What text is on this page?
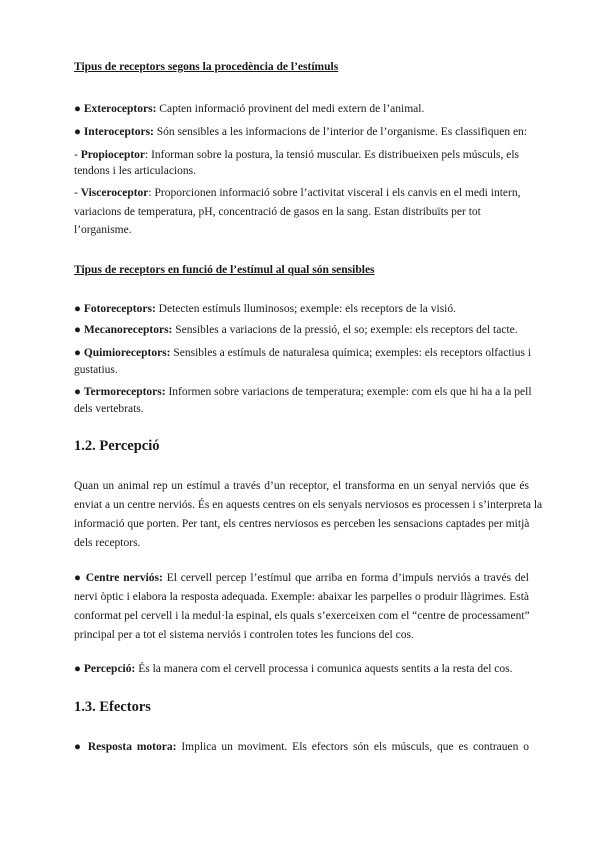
Tipus de receptors segons la procedència de l’estímuls
● Exteroceptors: Capten informació provinent del medi extern de l’animal.
● Interoceptors: Són sensibles a les informacions de l’interior de l’organisme. Es classifiquen en:
- Propioceptor: Informan sobre la postura, la tensió muscular. Es distribueixen pels músculs, els
tendons i les articulacions.
- Visceroceptor: Proporcionen informació sobre l’activitat visceral i els canvis en el medi intern,
variacions de temperatura, pH, concentració de gasos en la sang. Estan distribuïts per tot
l’organisme.
Tipus de receptors en funció de l’estímul al qual són sensibles
● Fotoreceptors: Detecten estímuls lluminosos; exemple: els receptors de la visió.
● Mecanoreceptors: Sensibles a variacions de la pressió, el so; exemple: els receptors del tacte.
● Quimioreceptors: Sensibles a estímuls de naturalesa química; exemples: els receptors olfactius i
gustatius.
● Termoreceptors: Informen sobre variacions de temperatura; exemple: com els que hi ha a la pell
dels vertebrats.
1.2. Percepció
Quan un animal rep un estímul a través d’un receptor, el transforma en un senyal nerviós que és
enviat a un centre nerviós. És en aquests centres on els senyals nerviosos es processen i s’interpreta la
informació que porten. Per tant, els centres nerviosos es perceben les sensacions captades per mitjà
dels receptors.
● Centre nerviós: El cervell percep l’estímul que arriba en forma d’impuls nerviós a través del
nervi òptic i elabora la resposta adequada. Exemple: abaixar les parpelles o produir llàgrimes. Està
conformat pel cervell i la medul·la espinal, els quals s’exerceixen com el “centre de processament”
principal per a tot el sistema nerviós i controlen totes les funcions del cos.
● Percepció: És la manera com el cervell processa i comunica aquests sentits a la resta del cos.
1.3. Efectors
● Resposta motora: Implica un moviment. Els efectors són els músculs, que es contrauen o
